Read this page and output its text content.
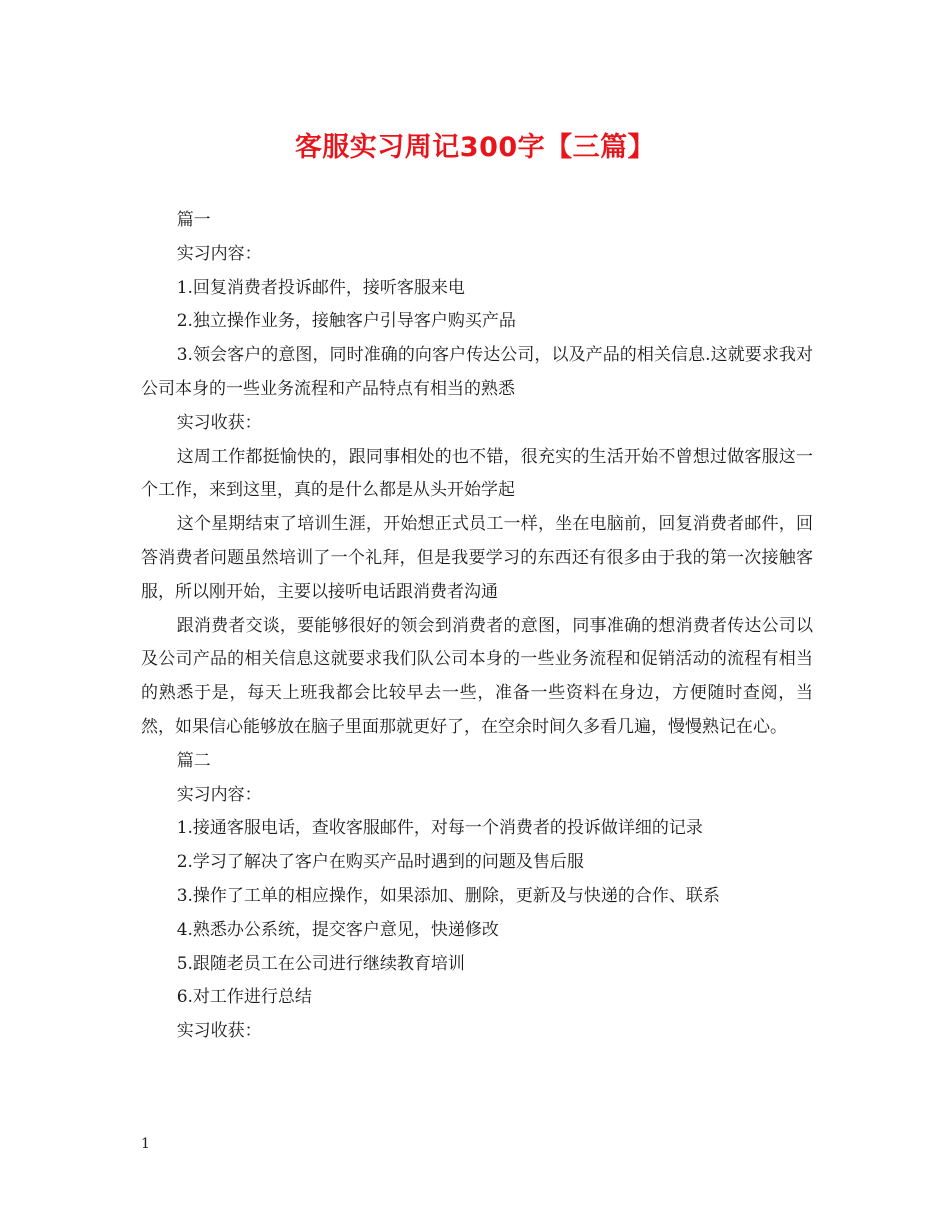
客服实习周记300字【三篇】

篇一

实习内容：

1.回复消费者投诉邮件，接听客服来电

2.独立操作业务，接触客户引导客户购买产品

3.领会客户的意图，同时准确的向客户传达公司，以及产品的相关信息.这就要求我对公司本身的一些业务流程和产品特点有相当的熟悉

实习收获：

这周工作都挺愉快的，跟同事相处的也不错，很充实的生活开始不曾想过做客服这一个工作，来到这里，真的是什么都是从头开始学起

这个星期结束了培训生涯，开始想正式员工一样，坐在电脑前，回复消费者邮件，回答消费者问题虽然培训了一个礼拜，但是我要学习的东西还有很多由于我的第一次接触客服，所以刚开始，主要以接听电话跟消费者沟通

跟消费者交谈，要能够很好的领会到消费者的意图，同事准确的想消费者传达公司以及公司产品的相关信息这就要求我们队公司本身的一些业务流程和促销活动的流程有相当的熟悉于是，每天上班我都会比较早去一些，准备一些资料在身边，方便随时查阅，当然，如果信心能够放在脑子里面那就更好了，在空余时间久多看几遍，慢慢熟记在心。

篇二

实习内容：

1.接通客服电话，查收客服邮件，对每一个消费者的投诉做详细的记录

2.学习了解决了客户在购买产品时遇到的问题及售后服

3.操作了工单的相应操作，如果添加、删除，更新及与快递的合作、联系

4.熟悉办公系统，提交客户意见，快递修改

5.跟随老员工在公司进行继续教育培训

6.对工作进行总结

实习收获：

1
